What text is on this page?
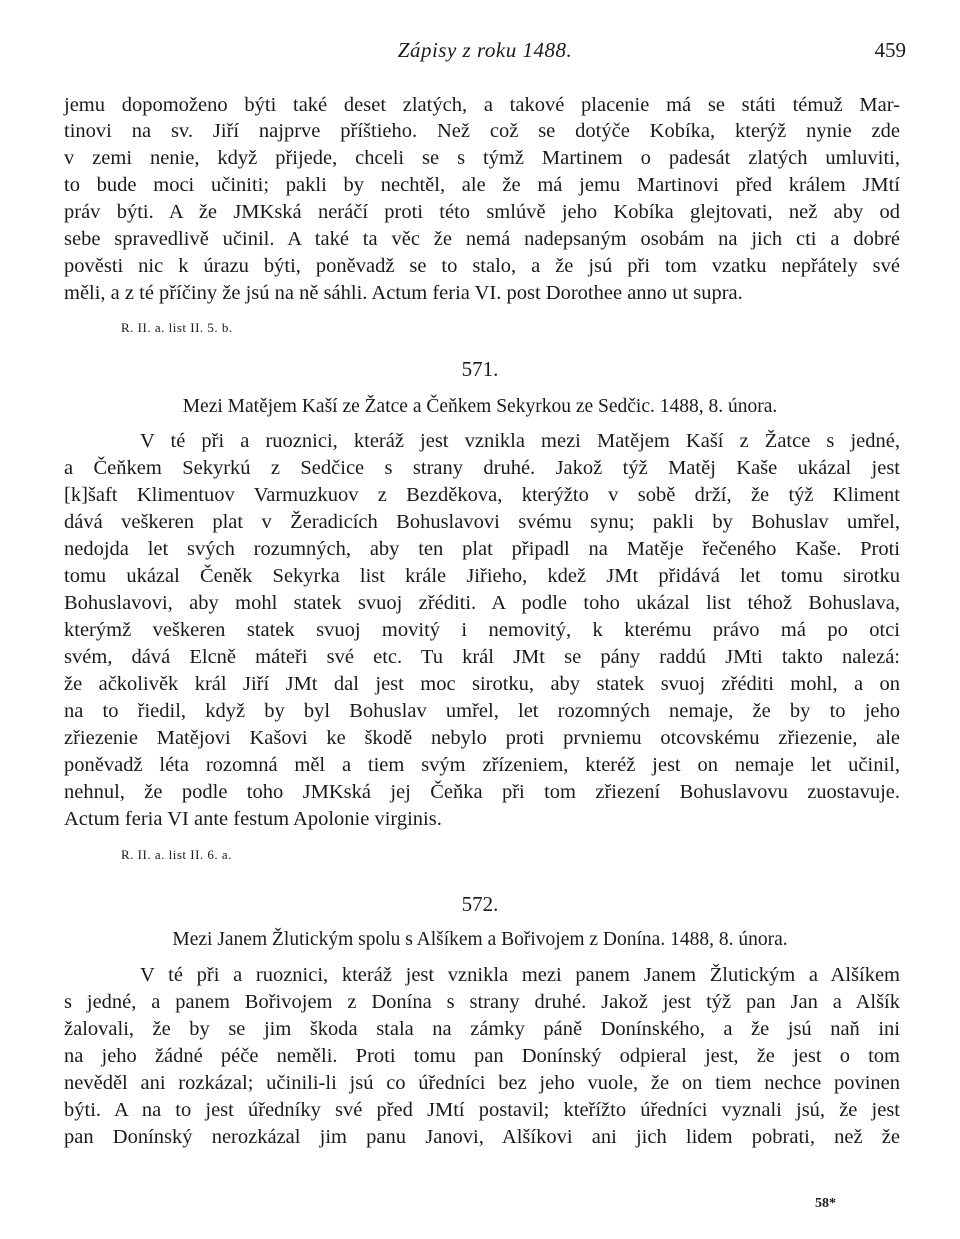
Zápisy z roku 1488.	459
jemu dopomoženo býti také deset zlatých, a takové placenie má se státi témuž Mar-
tinovi na sv. Jiří najprve příštieho. Než což se dotýče Kobíka, kterýž nynie zde
v zemi nenie, když přijede, chceli se s týmž Martinem o padesát zlatých umluviti,
to bude moci učiniti; pakli by nechtěl, ale že má jemu Martinovi před králem JMtí
práv býti. A že JMKská neráčí proti této smlúvě jeho Kobíka glejtovati, než aby od
sebe spravedlivě učinil. A také ta věc že nemá nadepsaným osobám na jich cti a dobré
pověsti nic k úrazu býti, poněvadž se to stalo, a že jsú při tom vzatku nepřátely své
měli, a z té příčiny že jsú na ně sáhli. Actum feria VI. post Dorothee anno ut supra.
R. II. a. list II. 5. b.
571.
Mezi Matějem Kaší ze Žatce a Čeňkem Sekyrkou ze Sedčic. 1488, 8. února.
V té při a ruoznici, kteráž jest vznikla mezi Matějem Kaší z Žatce s jedné,
a Čeňkem Sekyrkú z Sedčice s strany druhé. Jakož týž Matěj Kaše ukázal jest
[k]šaft Klimentuov Varmuzkuov z Bezděkova, kterýžto v sobě drží, že týž Kliment
dává veškeren plat v Žeradicích Bohuslavovi svému synu; pakli by Bohuslav umřel,
nedojda let svých rozumných, aby ten plat připadl na Matěje řečeného Kaše. Proti
tomu ukázal Čeněk Sekyrka list krále Jiřieho, kdež JMt přidává let tomu sirotku
Bohuslavovi, aby mohl statek svuoj zřéditi. A podle toho ukázal list téhož Bohuslava,
kterýmž veškeren statek svuoj movitý i nemovitý, k kterému právo má po otci
svém, dává Elcně máteři své etc. Tu král JMt se pány raddú JMti takto nalezá:
že ačkolivěk král Jiří JMt dal jest moc sirotku, aby statek svuoj zřéditi mohl, a on
na to řiedil, když by byl Bohuslav umřel, let rozomných nemaje, že by to jeho
zřiezenie Matějovi Kašovi ke škodě nebylo proti prvniemu otcovskému zřiezenie, ale
poněvadž léta rozomná měl a tiem svým zřízeniem, kteréž jest on nemaje let učinil,
nehnul, že podle toho JMKská jej Čeňka při tom zřiezení Bohuslavovu zuostavuje.
Actum feria VI ante festum Apolonie virginis.
R. II. a. list II. 6. a.
572.
Mezi Janem Žlutickým spolu s Alšíkem a Bořivojem z Donína. 1488, 8. února.
V té při a ruoznici, kteráž jest vznikla mezi panem Janem Žlutickým a Alšíkem
s jedné, a panem Bořivojem z Donína s strany druhé. Jakož jest týž pan Jan a Alšík
žalovali, že by se jim škoda stala na zámky páně Donínského, a že jsú naň ini
na jeho žádné péče neměli. Proti tomu pan Donínský odpieral jest, že jest o tom
nevěděl ani rozkázal; učinili-li jsú co úředníci bez jeho vuole, že on tiem nechce povinen
býti. A na to jest úředníky své před JMtí postavil; kteřížto úředníci vyznali jsú, že jest
pan Donínský nerozkázal jim panu Janovi, Alšíkovi ani jich lidem pobrati, než že
58*
